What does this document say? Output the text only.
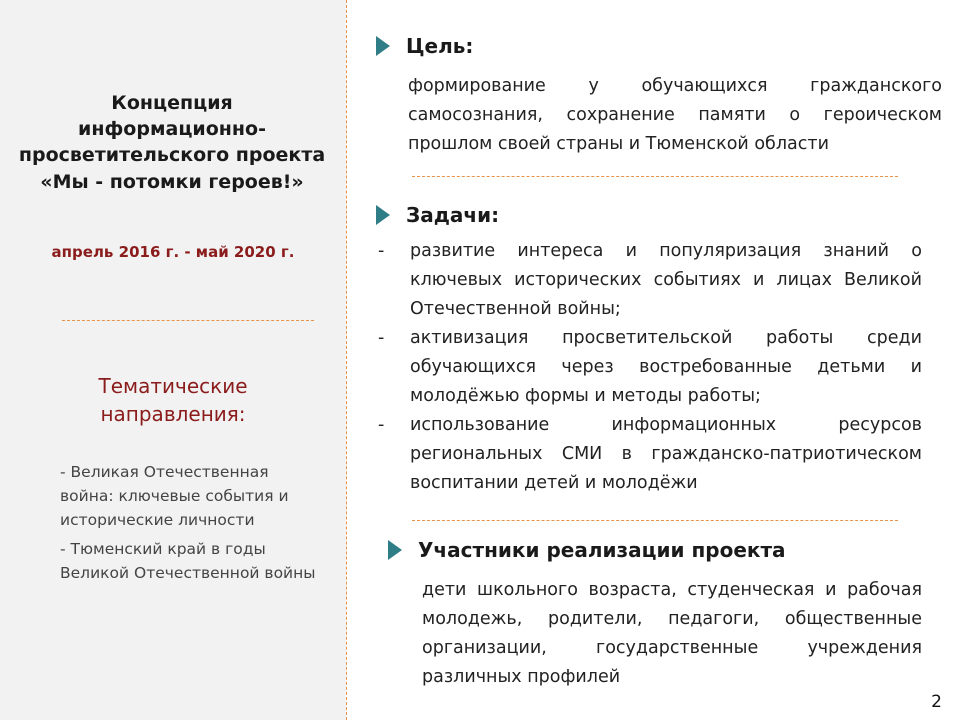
Концепция
информационно-
просветительского проекта
«Мы - потомки героев!»
апрель 2016 г. - май 2020 г.
Тематические
направления:
- Великая Отечественная война: ключевые события и исторические личности
- Тюменский край в годы Великой Отечественной войны
Цель:
формирование у обучающихся гражданского самосознания, сохранение памяти о героическом прошлом своей страны и Тюменской области
Задачи:
-	развитие интереса и популяризация знаний о ключевых исторических событиях и лицах Великой Отечественной войны;
-	активизация просветительской работы среди обучающихся через востребованные детьми и молодёжью формы и методы работы;
-	использование информационных ресурсов региональных СМИ в гражданско-патриотическом воспитании детей и молодёжи
Участники реализации проекта
дети школьного возраста, студенческая и рабочая молодежь, родители, педагоги, общественные организации, государственные учреждения различных профилей
2
